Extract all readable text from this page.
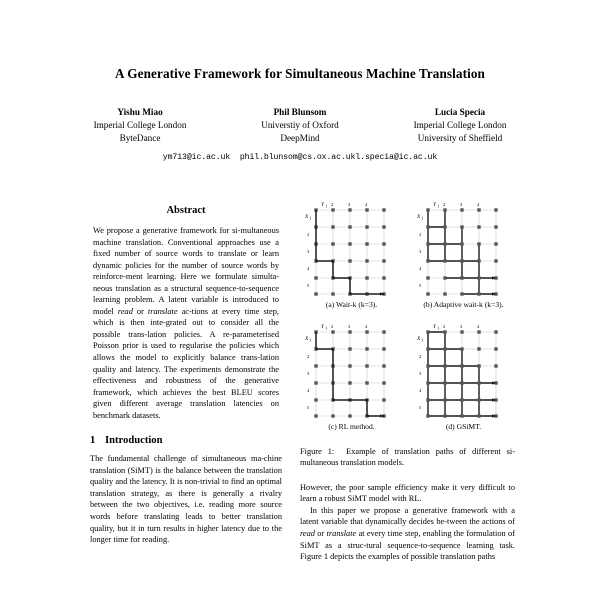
A Generative Framework for Simultaneous Machine Translation
Yishu Miao
Imperial College London
ByteDance
Phil Blunsom
Universtiy of Oxford
DeepMind
Lucia Specia
Imperial College London
University of Sheffield
ym713@ic.ac.uk phil.blunsom@cs.ox.ac.ukl.specia@ic.ac.uk
Abstract
We propose a generative framework for si-multaneous machine translation. Conventional approaches use a fixed number of source words to translate or learn dynamic policies for the number of source words by reinforce-ment learning. Here we formulate simulta-neous translation as a structural sequence-to-sequence learning problem. A latent variable is introduced to model read or translate ac-tions at every time step, which is then inte-grated out to consider all the possible trans-lation policies. A re-parameterised Poisson prior is used to regularise the policies which allows the model to explicitly balance trans-lation quality and latency. The experiments demonstrate the effectiveness and robustness of the generative framework, which achieves the best BLEU scores given different average translation latencies on benchmark datasets.
1 Introduction

The fundamental challenge of simultaneous ma-chine translation (SiMT) is the balance between the translation quality and the latency. It is non-trivial to find an optimal translation strategy, as there is generally a rivalry between the two objectives, i.e. reading more source words before translating leads to better translation quality, but it in turn results in higher latency due to the longer time for reading.

Y 1 2	3	4
X 1
2
3
4
5
(a) Wait-k (k=3).
Y 1 2	3	4
X 1
2
3
4
5
(b) Adaptive wait-k (k=3).
Y 1 2	3	4
X 1
2
3
4
5
(c) RL method.
Y 1 2	3	4
X 1
2
3
4
5
(d) GSiMT.
Figure 1: Example of translation paths of different si-multaneous translation models.

However, the poor sample efficiency make it very difficult to learn a robust SiMT model with RL.

In this paper we propose a generative framework with a latent variable that dynamically decides be-tween the actions of read or translate at every time step, enabling the formulation of SiMT as a struc-tural sequence-to-sequence learning task. Figure 1 depicts the examples of possible translation paths
